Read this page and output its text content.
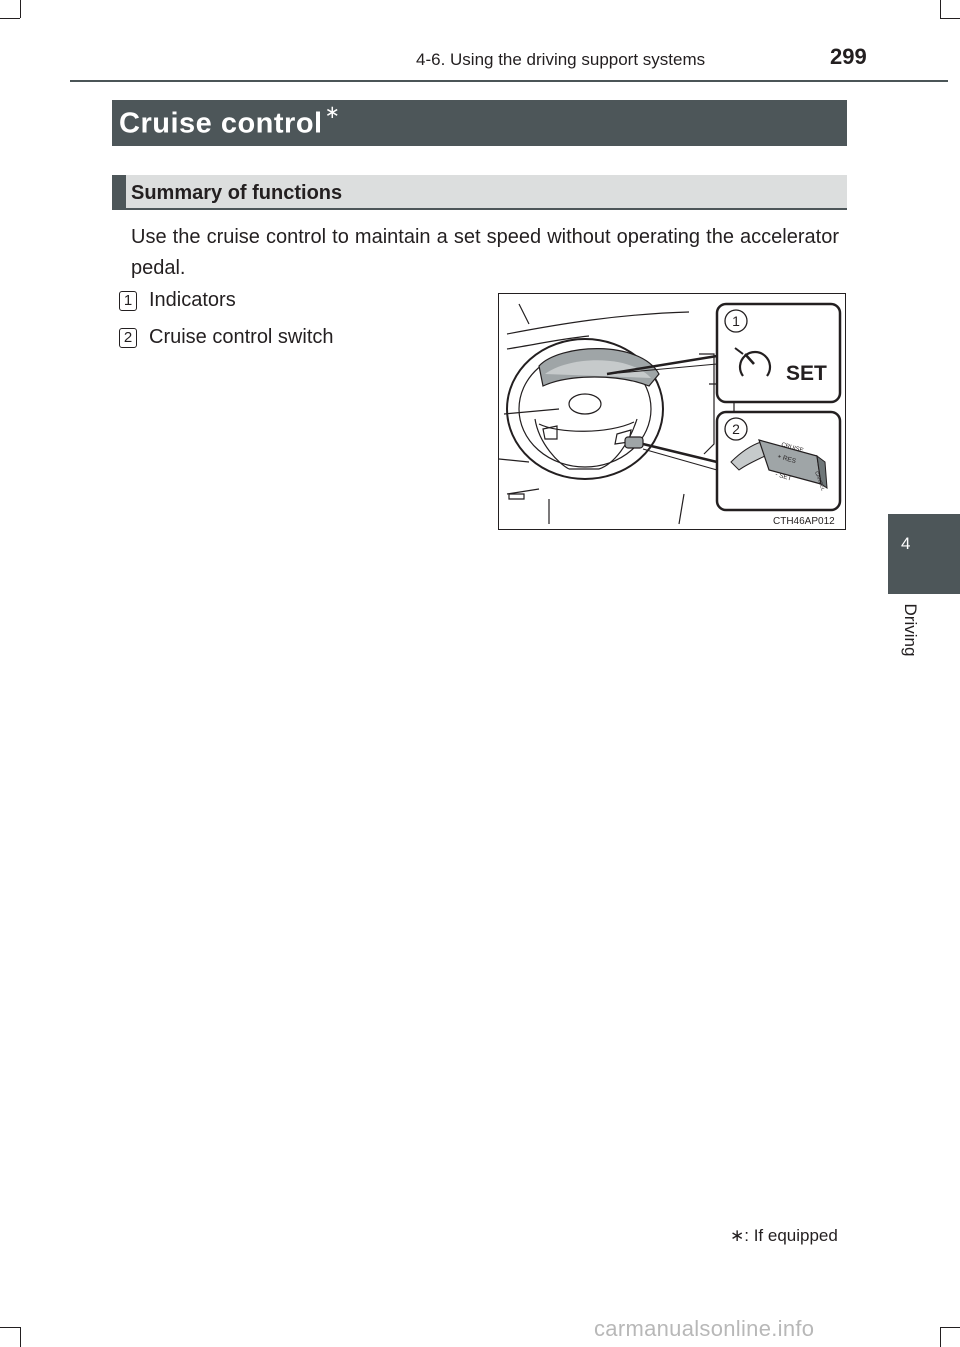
4-6. Using the driving support systems	299
Cruise control ∗
Summary of functions
Use the cruise control to maintain a set speed without operating the accelerator pedal.
1 Indicators
2 Cruise control switch
1
SET
2
CRUISE
+ RES
- SET	CANCEL
CTH46AP012
∗: If equipped
4
Driving
carmanualsonline.info
